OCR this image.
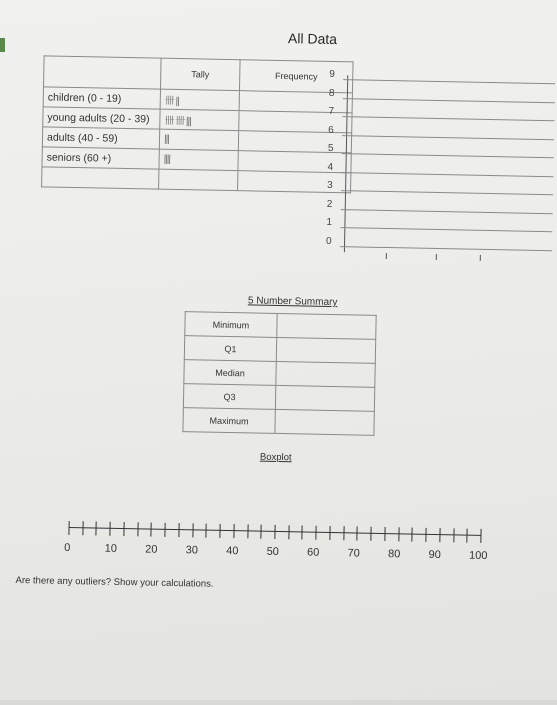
All Data
	Tally	Frequency
children (0 - 19)	卌 ||	
young adults (20 - 39)	卌 卌 |||	
adults (40 - 59)	|||	
seniors (60 +)	||||	

9
8
7
6
5
4
3
2
1
0
5 Number Summary
Minimum	
Q1	
Median	
Q3	
Maximum	
Boxplot
0	10	20	30	40	50	60	70	80	90	100
Are there any outliers? Show your calculations.
